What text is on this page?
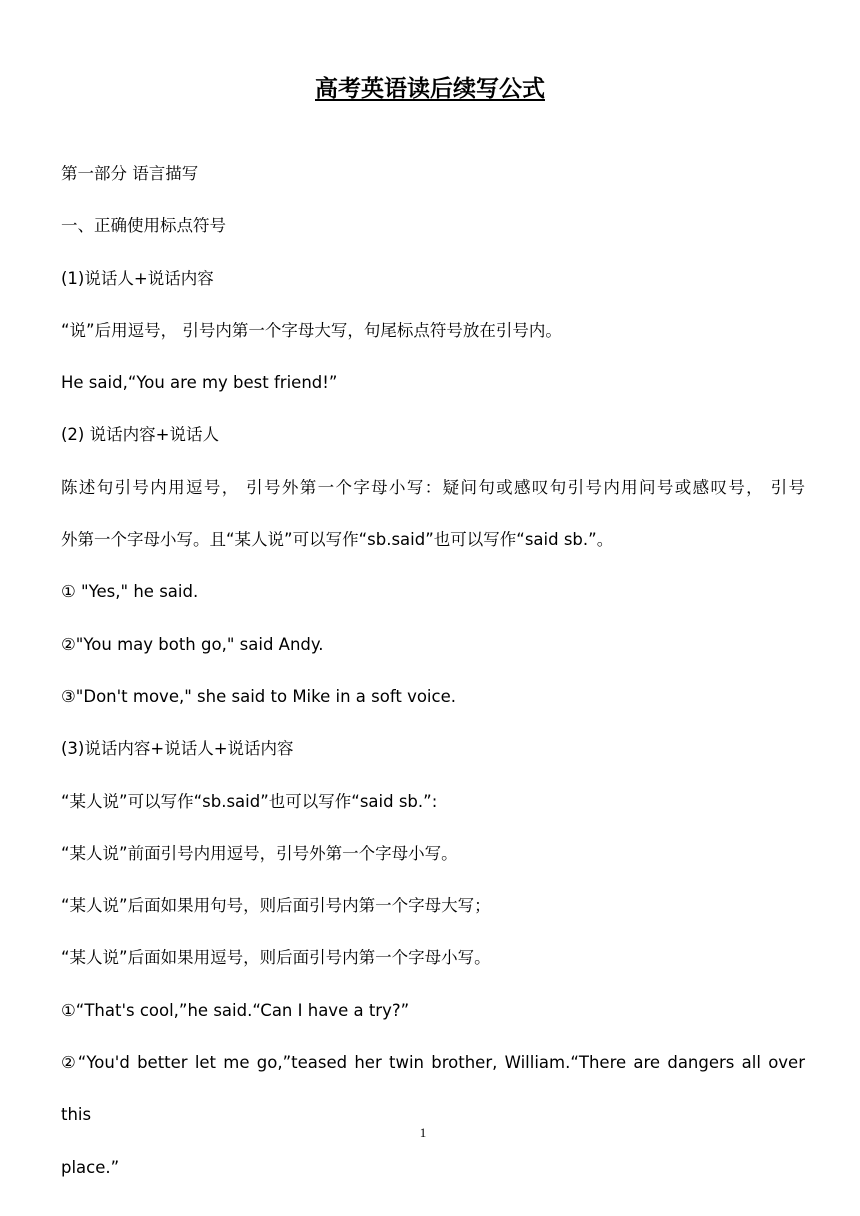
高考英语读后续写公式

第一部分 语言描写

一、正确使用标点符号

(1)说话人+说话内容

“说”后用逗号， 引号内第一个字母大写，句尾标点符号放在引号内。

He said,“You are my best friend!”

(2) 说话内容+说话人

陈述句引号内用逗号， 引号外第一个字母小写：疑问句或感叹句引号内用问号或感叹号， 引号

外第一个字母小写。且“某人说”可以写作“sb.said”也可以写作“said sb.”。

① "Yes," he said.

②"You may both go," said Andy.

③"Don't move," she said to Mike in a soft voice.

(3)说话内容+说话人+说话内容

“某人说”可以写作“sb.said”也可以写作“said sb.”:

“某人说”前面引号内用逗号，引号外第一个字母小写。

“某人说”后面如果用句号，则后面引号内第一个字母大写；

“某人说”后面如果用逗号，则后面引号内第一个字母小写。

①“That's cool,”he said.“Can I have a try?”

②“You'd better let me go,”teased her twin brother, William.“There are dangers all over this

place.”

1
